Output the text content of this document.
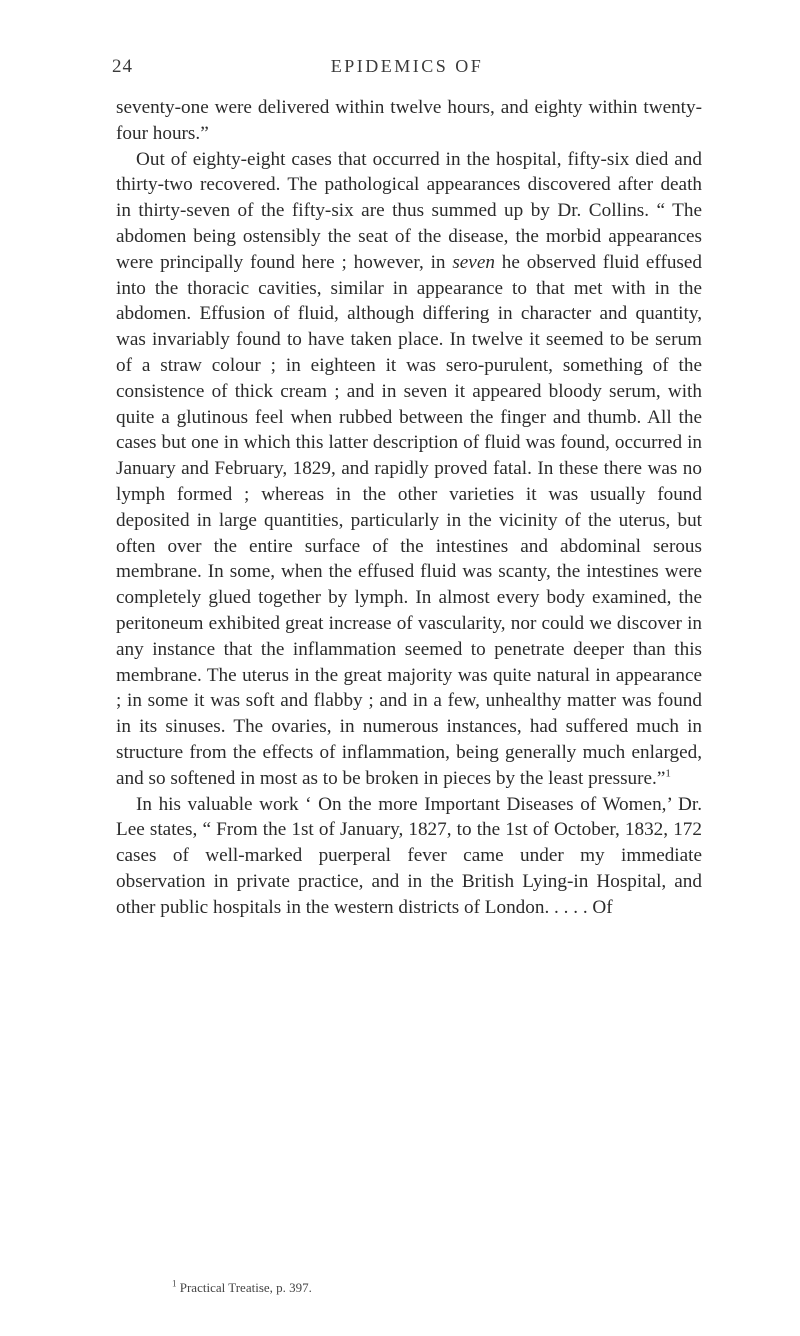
24	EPIDEMICS OF

seventy-one were delivered within twelve hours, and eighty within twenty-four hours.”

Out of eighty-eight cases that occurred in the hospital, fifty-six died and thirty-two recovered. The pathological appearances discovered after death in thirty-seven of the fifty-six are thus summed up by Dr. Collins. “ The abdomen being ostensibly the seat of the disease, the morbid appearances were principally found here ; however, in seven he observed fluid effused into the thoracic cavities, similar in appearance to that met with in the abdomen. Effusion of fluid, although differing in character and quantity, was invariably found to have taken place. In twelve it seemed to be serum of a straw colour ; in eighteen it was sero-purulent, something of the consistence of thick cream ; and in seven it appeared bloody serum, with quite a glutinous feel when rubbed between the finger and thumb. All the cases but one in which this latter description of fluid was found, occurred in January and February, 1829, and rapidly proved fatal. In these there was no lymph formed ; whereas in the other varieties it was usually found deposited in large quantities, particularly in the vicinity of the uterus, but often over the entire surface of the intestines and abdominal serous membrane. In some, when the effused fluid was scanty, the intestines were completely glued together by lymph. In almost every body examined, the peritoneum exhibited great increase of vascularity, nor could we discover in any instance that the inflammation seemed to penetrate deeper than this membrane. The uterus in the great majority was quite natural in appearance ; in some it was soft and flabby ; and in a few, unhealthy matter was found in its sinuses. The ovaries, in numerous instances, had suffered much in structure from the effects of inflammation, being generally much enlarged, and so softened in most as to be broken in pieces by the least pressure.”$^1$

In his valuable work ‘ On the more Important Diseases of Women,’ Dr. Lee states, “ From the 1st of January, 1827, to the 1st of October, 1832, 172 cases of well-marked puerperal fever came under my immediate observation in private practice, and in the British Lying-in Hospital, and other public hospitals in the western districts of London. . . . . Of

$^1$ Practical Treatise, p. 397.
